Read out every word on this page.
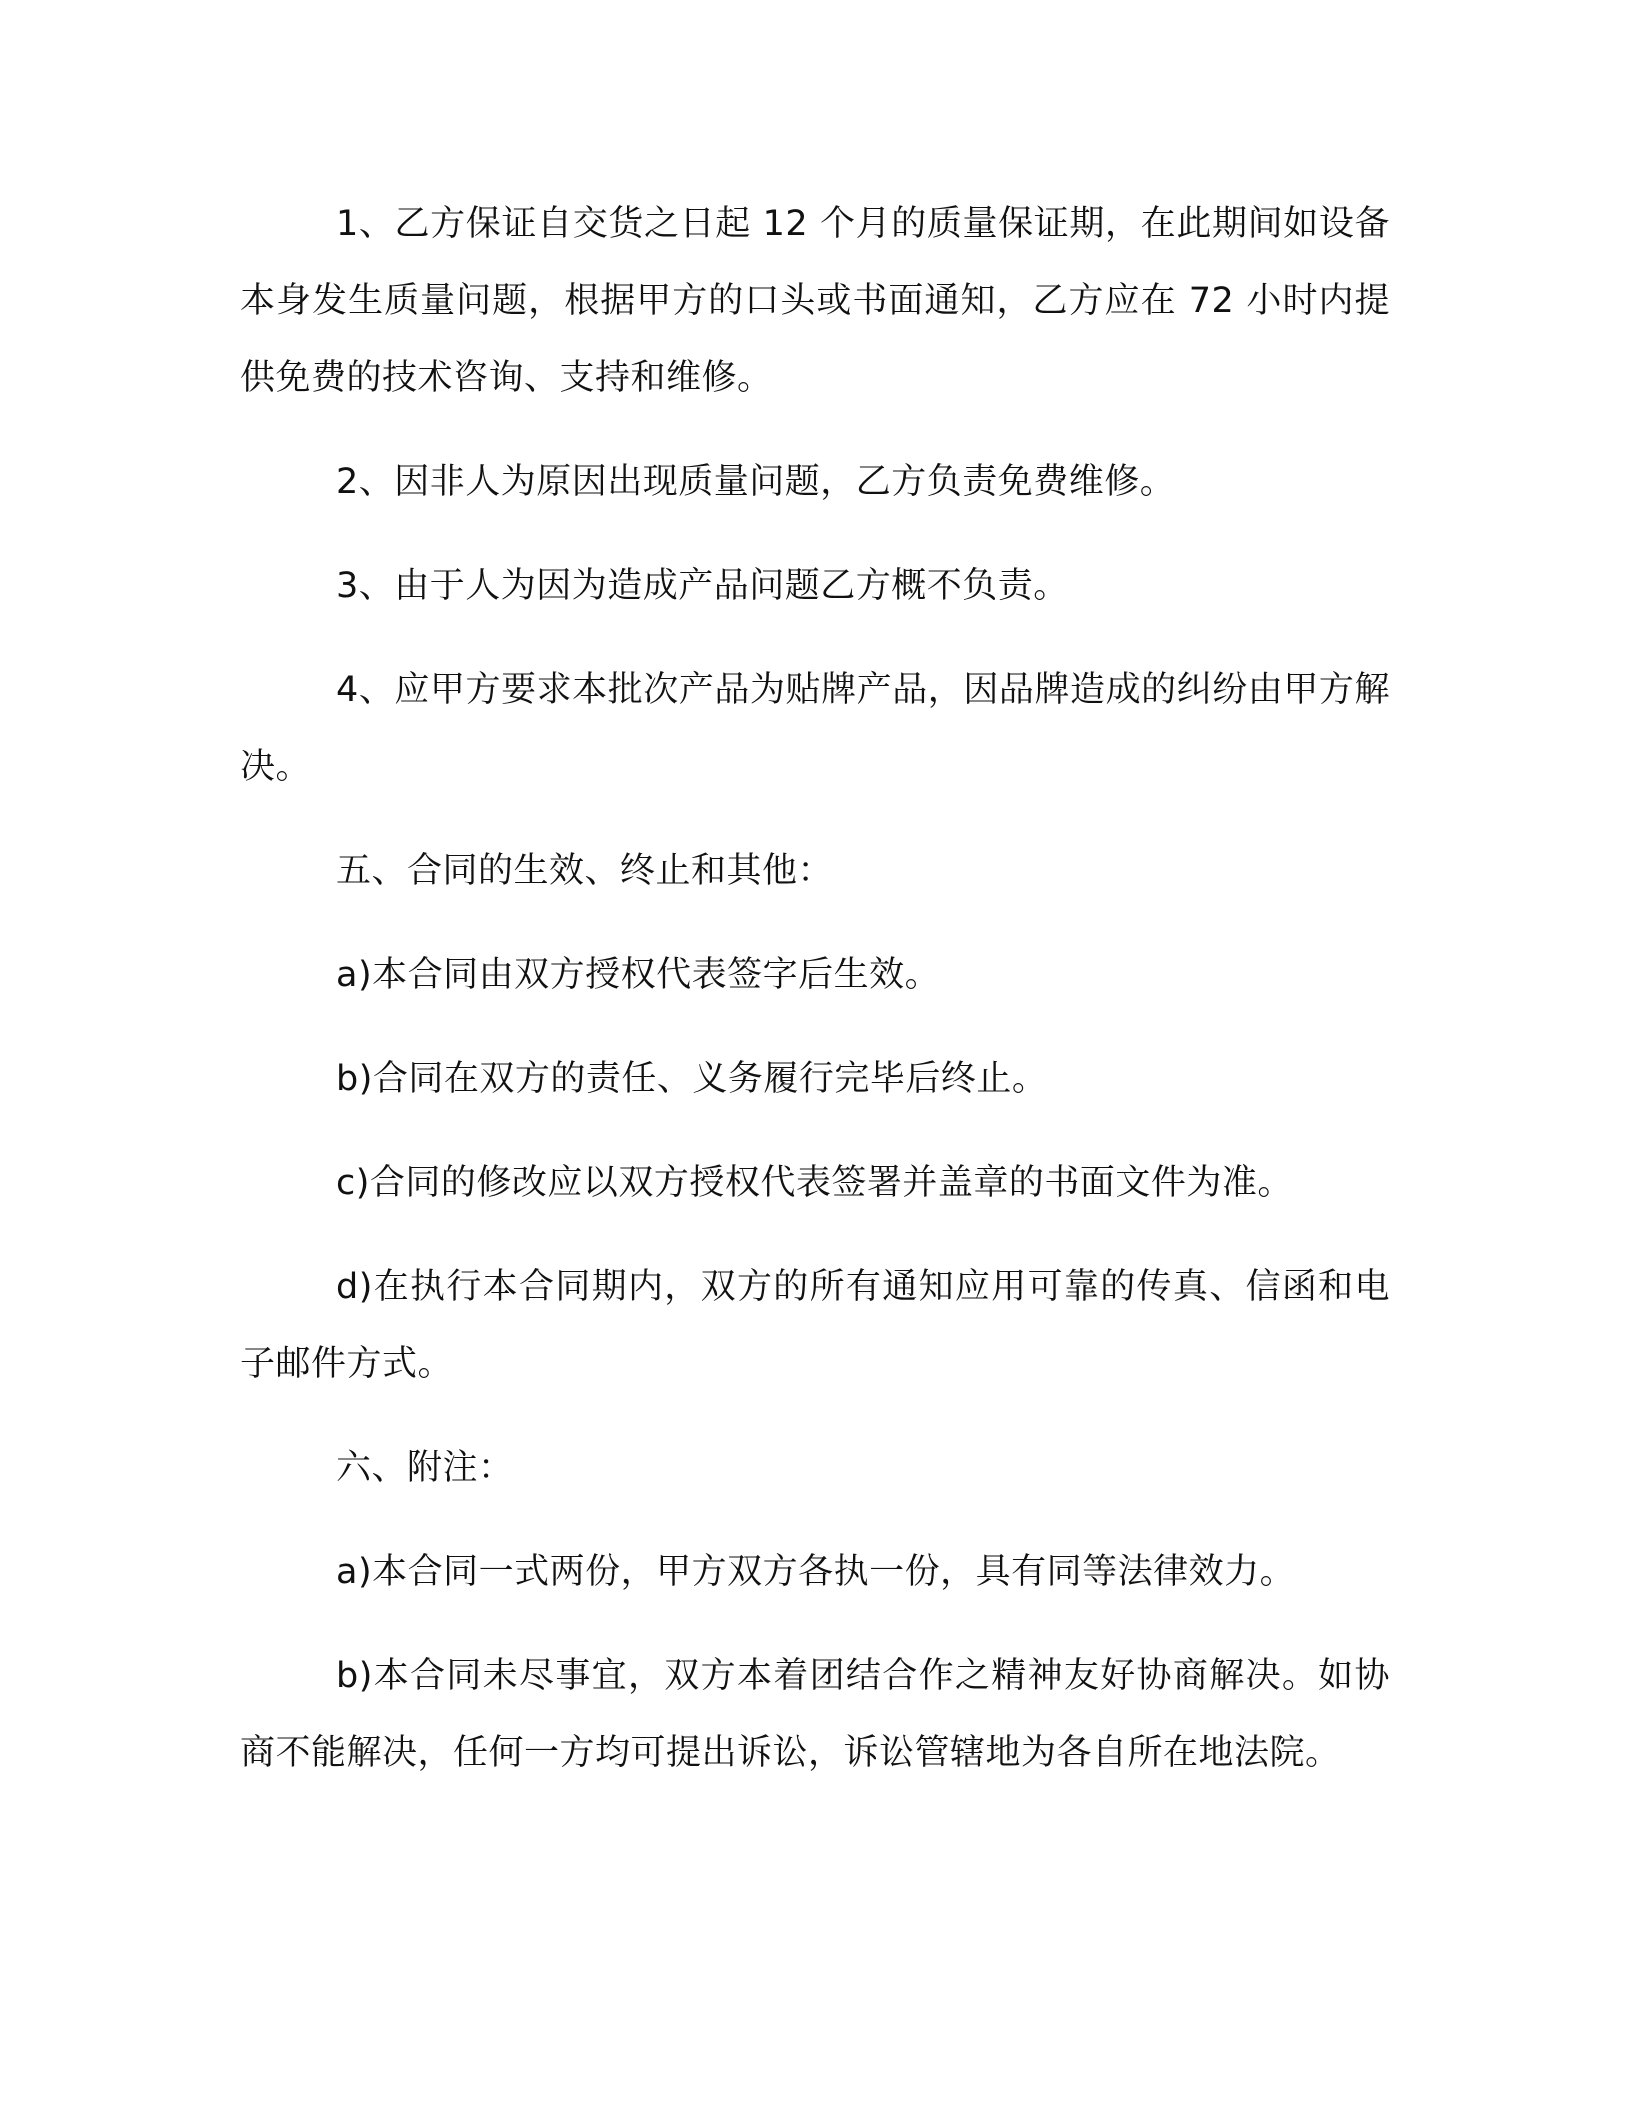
1、乙方保证自交货之日起 12 个月的质量保证期，在此期间如设备本身发生质量问题，根据甲方的口头或书面通知，乙方应在 72 小时内提供免费的技术咨询、支持和维修。

2、因非人为原因出现质量问题，乙方负责免费维修。

3、由于人为因为造成产品问题乙方概不负责。

4、应甲方要求本批次产品为贴牌产品，因品牌造成的纠纷由甲方解决。

五、合同的生效、终止和其他：

a)本合同由双方授权代表签字后生效。

b)合同在双方的责任、义务履行完毕后终止。

c)合同的修改应以双方授权代表签署并盖章的书面文件为准。

d)在执行本合同期内，双方的所有通知应用可靠的传真、信函和电子邮件方式。

六、附注：

a)本合同一式两份，甲方双方各执一份，具有同等法律效力。

b)本合同未尽事宜，双方本着团结合作之精神友好协商解决。如协商不能解决，任何一方均可提出诉讼，诉讼管辖地为各自所在地法院。
